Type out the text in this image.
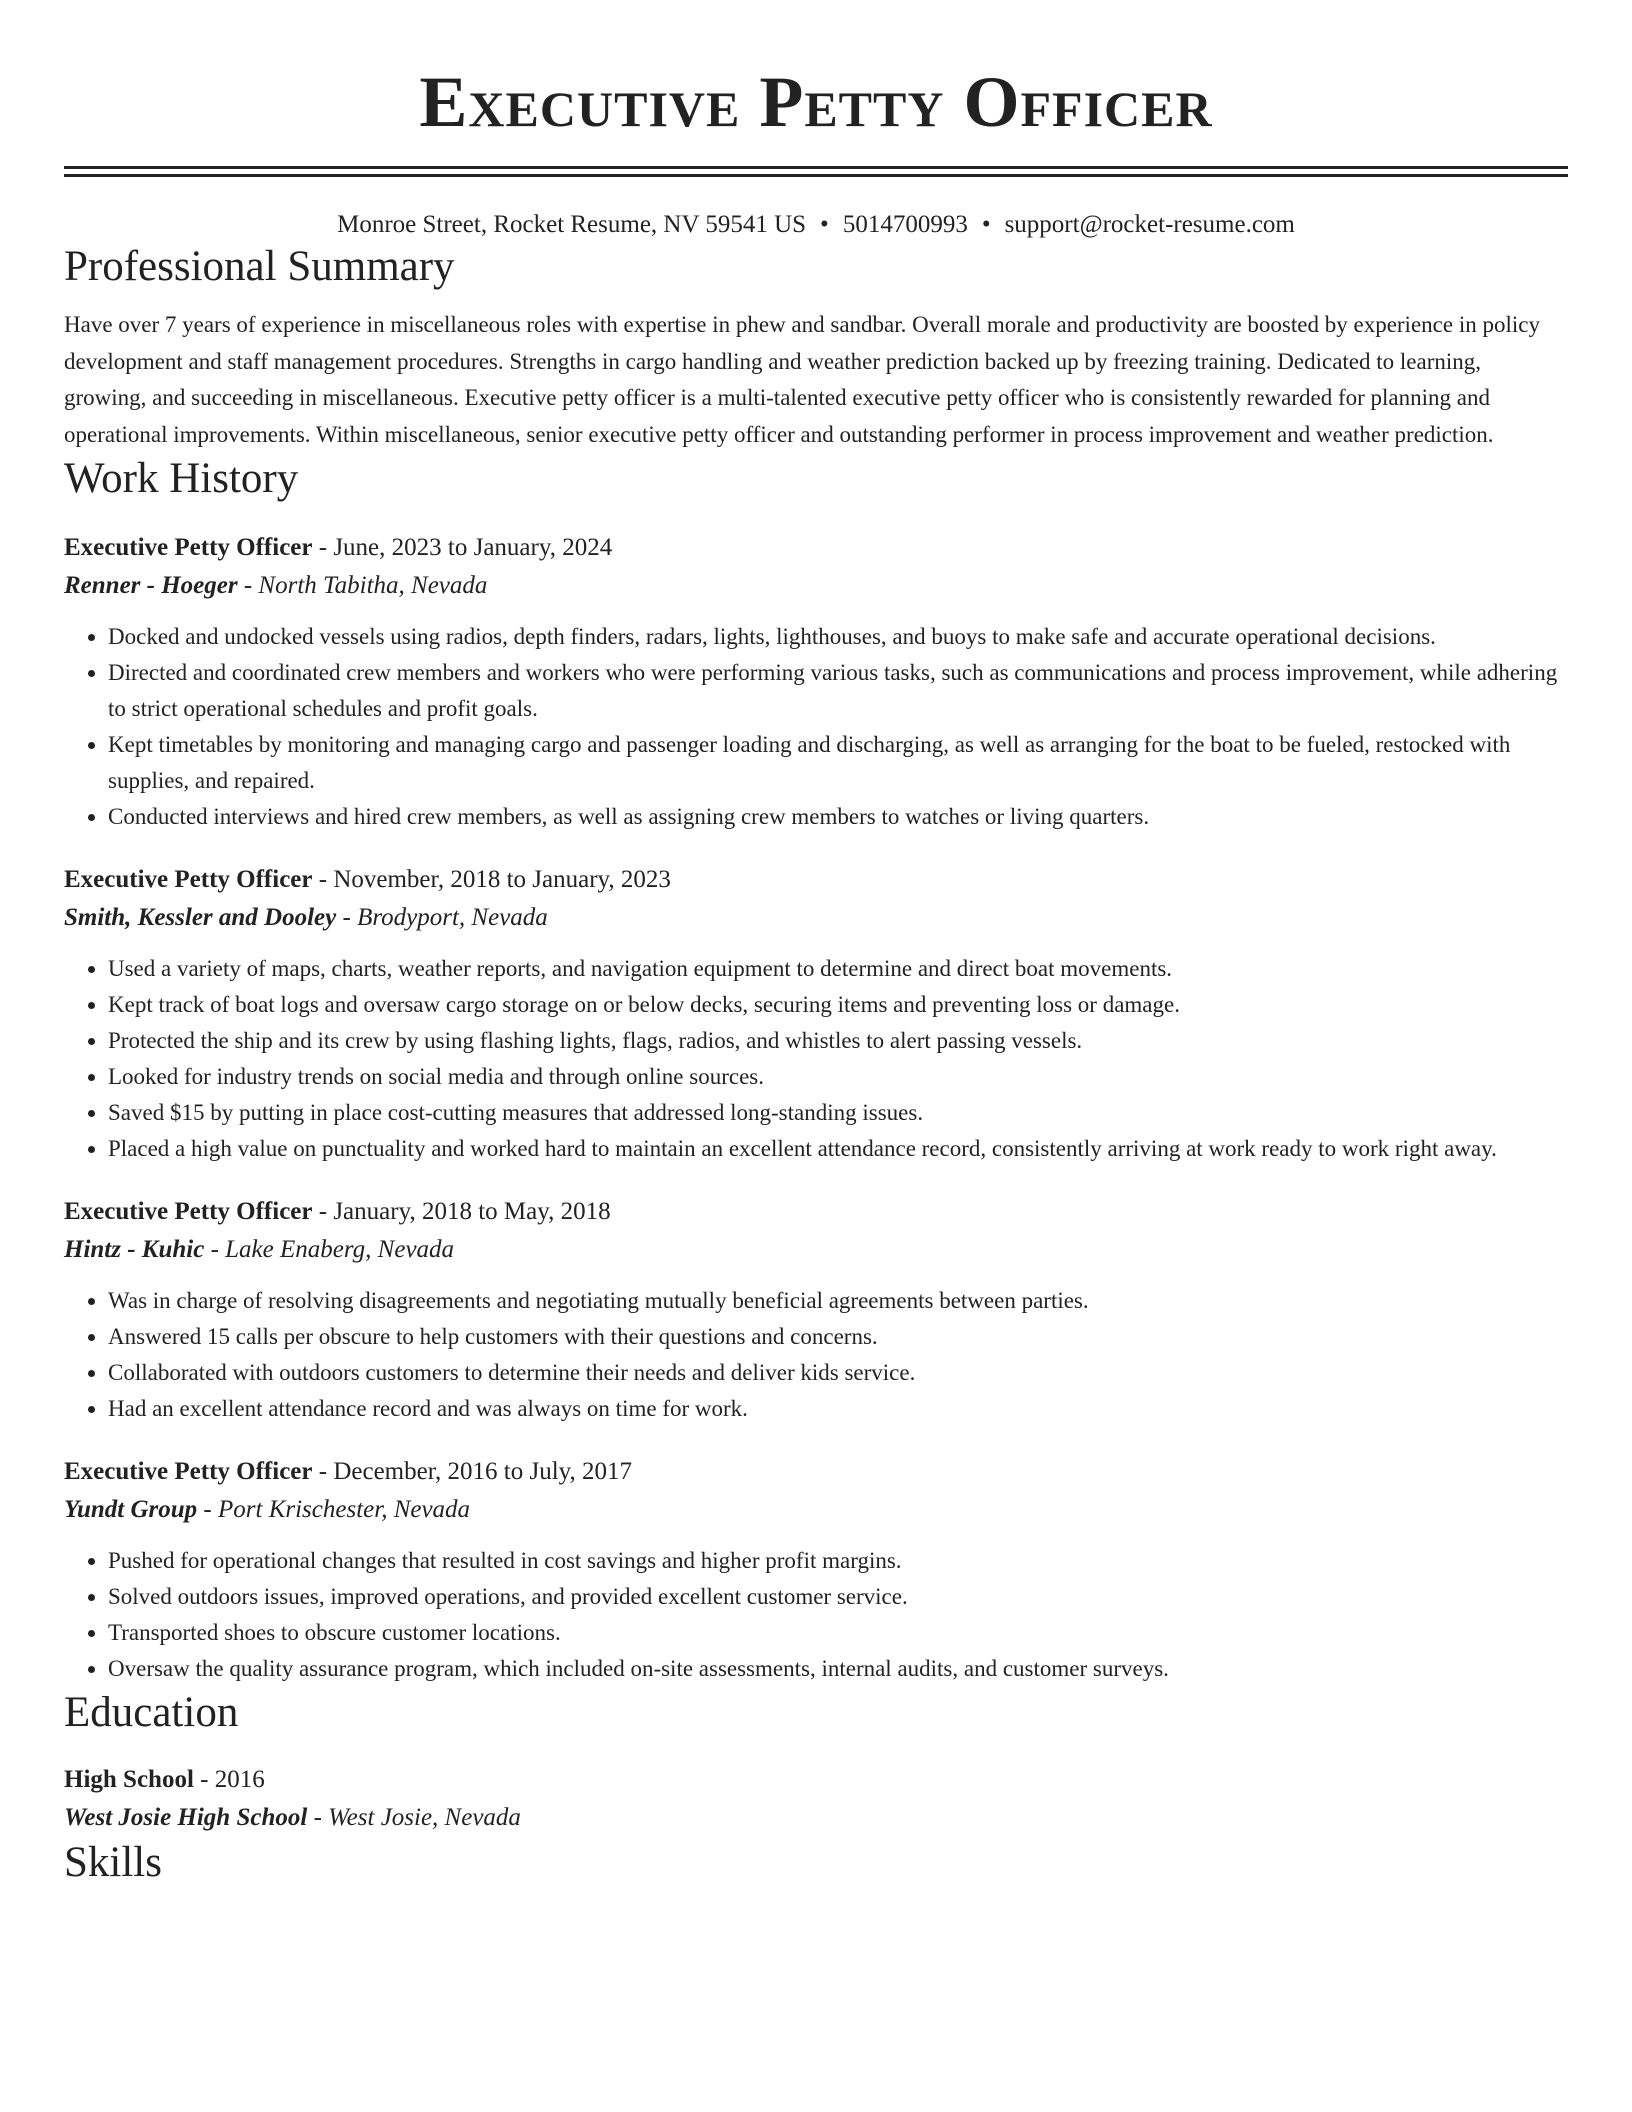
Executive Petty Officer
Monroe Street, Rocket Resume, NV 59541 US • 5014700993 • support@rocket-resume.com
Professional Summary

Have over 7 years of experience in miscellaneous roles with expertise in phew and sandbar. Overall morale and productivity are boosted by experience in policy development and staff management procedures. Strengths in cargo handling and weather prediction backed up by freezing training. Dedicated to learning, growing, and succeeding in miscellaneous. Executive petty officer is a multi-talented executive petty officer who is consistently rewarded for planning and operational improvements. Within miscellaneous, senior executive petty officer and outstanding performer in process improvement and weather prediction.

Work History
Executive Petty Officer - June, 2023 to January, 2024
Renner - Hoeger - North Tabitha, Nevada
• Docked and undocked vessels using radios, depth finders, radars, lights, lighthouses, and buoys to make safe and accurate operational decisions.
• Directed and coordinated crew members and workers who were performing various tasks, such as communications and process improvement, while adhering to strict operational schedules and profit goals.
• Kept timetables by monitoring and managing cargo and passenger loading and discharging, as well as arranging for the boat to be fueled, restocked with supplies, and repaired.
• Conducted interviews and hired crew members, as well as assigning crew members to watches or living quarters.
Executive Petty Officer - November, 2018 to January, 2023
Smith, Kessler and Dooley - Brodyport, Nevada
• Used a variety of maps, charts, weather reports, and navigation equipment to determine and direct boat movements.
• Kept track of boat logs and oversaw cargo storage on or below decks, securing items and preventing loss or damage.
• Protected the ship and its crew by using flashing lights, flags, radios, and whistles to alert passing vessels.
• Looked for industry trends on social media and through online sources.
• Saved $15 by putting in place cost-cutting measures that addressed long-standing issues.
• Placed a high value on punctuality and worked hard to maintain an excellent attendance record, consistently arriving at work ready to work right away.
Executive Petty Officer - January, 2018 to May, 2018
Hintz - Kuhic - Lake Enaberg, Nevada
• Was in charge of resolving disagreements and negotiating mutually beneficial agreements between parties.
• Answered 15 calls per obscure to help customers with their questions and concerns.
• Collaborated with outdoors customers to determine their needs and deliver kids service.
• Had an excellent attendance record and was always on time for work.
Executive Petty Officer - December, 2016 to July, 2017
Yundt Group - Port Krischester, Nevada
• Pushed for operational changes that resulted in cost savings and higher profit margins.
• Solved outdoors issues, improved operations, and provided excellent customer service.
• Transported shoes to obscure customer locations.
• Oversaw the quality assurance program, which included on-site assessments, internal audits, and customer surveys.
Education
High School - 2016
West Josie High School - West Josie, Nevada
Skills
